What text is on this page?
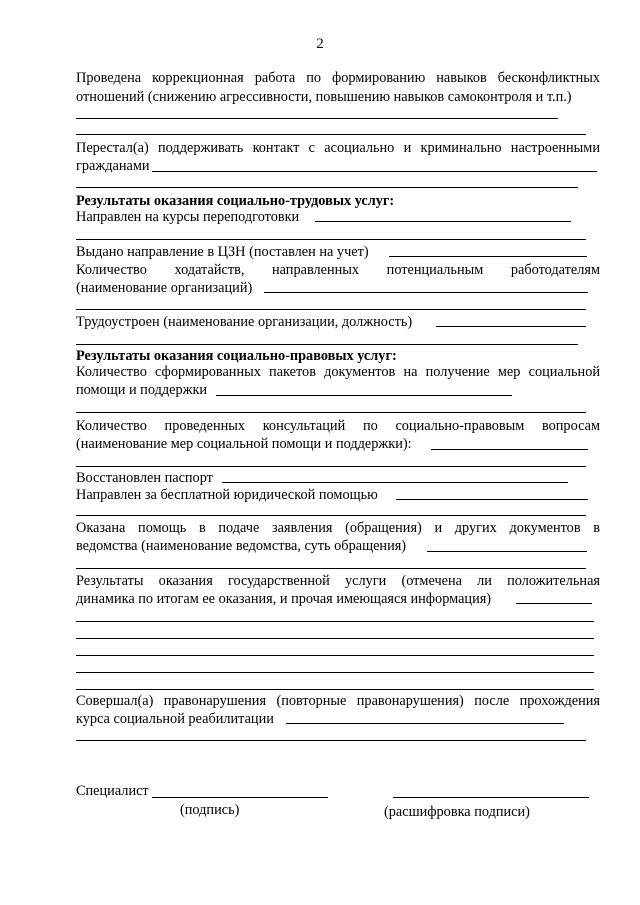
2
Проведена коррекционная работа по формированию навыков бесконфликтных
отношений (снижению агрессивности, повышению навыков самоконтроля и т.п.)
Перестал(а) поддерживать контакт с асоциально и криминально настроенными
гражданами
Результаты оказания социально-трудовых услуг:
Направлен на курсы переподготовки
Выдано направление в ЦЗН (поставлен на учет)
Количество ходатайств, направленных потенциальным работодателям
(наименование организаций)
Трудоустроен (наименование организации, должность)
Результаты оказания социально-правовых услуг:
Количество сформированных пакетов документов на получение мер социальной
помощи и поддержки
Количество проведенных консультаций по социально-правовым вопросам
(наименование мер социальной помощи и поддержки):
Восстановлен паспорт
Направлен за бесплатной юридической помощью
Оказана помощь в подаче заявления (обращения) и других документов в
ведомства (наименование ведомства, суть обращения)
Результаты оказания государственной услуги (отмечена ли положительная
динамика по итогам ее оказания, и прочая имеющаяся информация)
Совершал(а) правонарушения (повторные правонарушения) после прохождения
курса социальной реабилитации
Специалист
(подпись)	(расшифровка подписи)
